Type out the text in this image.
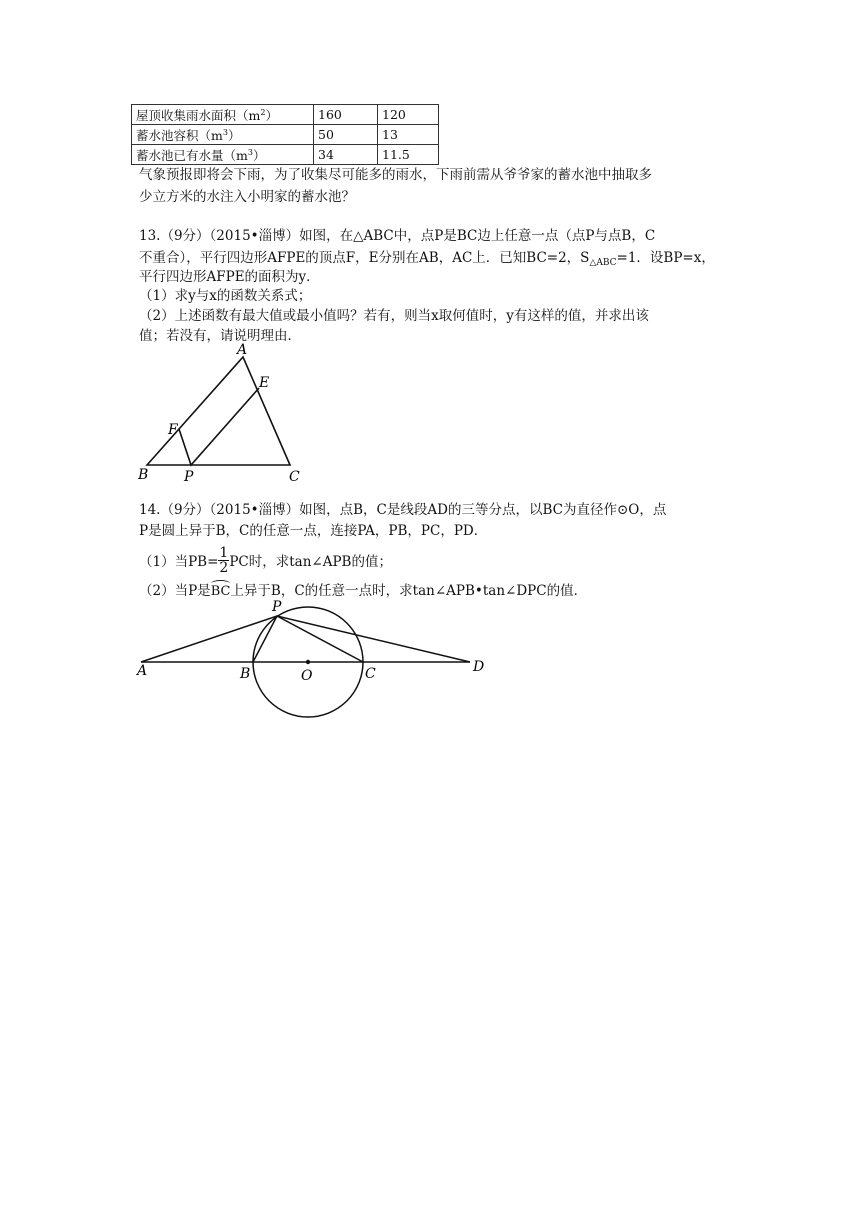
屋顶收集雨水面积$(m^2)$	160	120
蓄水池容积$(m^3)$	50	13
蓄水池已有水量$(m^3)$	34	11.5
气象预报即将会下雨，为了收集尽可能多的雨水，下雨前需从爷爷家的蓄水池中抽取多
少立方米的水注入小明家的蓄水池？
13.（9分）（2015•淄博）如图，在△ABC中，点P是BC边上任意一点（点P与点B，C
不重合），平行四边形AFPE的顶点F，E分别在AB，AC上．已知BC=2，$S_{\triangle ABC}=1$．设BP=x，
平行四边形AFPE的面积为y．
（1）求y与x的函数关系式；
（2）上述函数有最大值或最小值吗？若有，则当x取何值时，y有这样的值，并求出该
值；若没有，请说明理由．
A
E
F
B	P	C
14.（9分）（2015•淄博）如图，点B，C是线段AD的三等分点，以BC为直径作⊙O，点
P是圆上异于B，C的任意一点，连接PA，PB，PC，PD．
（1）当$PB= \frac{1}{2}$ PC时，求tan∠APB的值；
（2）当P是BC上异于B，C的任意一点时，求tan∠APB•tan∠DPC的值．
P
A	B	O	C	D
